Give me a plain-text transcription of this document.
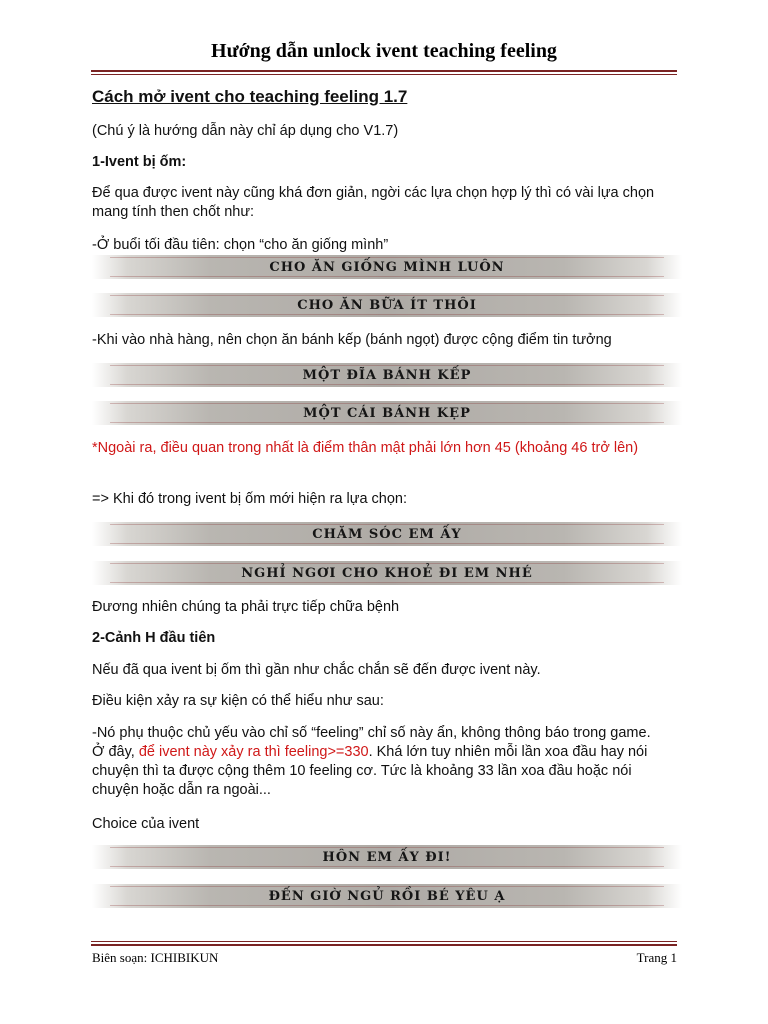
Hướng dẫn unlock ivent teaching feeling

Cách mở ivent cho teaching feeling 1.7

(Chú ý là hướng dẫn này chỉ áp dụng cho V1.7)

1-Ivent bị ốm:

Để qua được ivent này cũng khá đơn giản, ngời các lựa chọn hợp lý thì có vài lựa chọn mang tính then chốt như:

-Ở buổi tối đầu tiên: chọn “cho ăn giống mình”

CHO ĂN GIỐNG MÌNH LUÔN
CHO ĂN BỮA ÍT THÔI

-Khi vào nhà hàng, nên chọn ăn bánh kếp (bánh ngọt) được cộng điểm tin tưởng

MỘT ĐĨA BÁNH KẾP
MỘT CÁI BÁNH KẸP

*Ngoài ra, điều quan trong nhất là điểm thân mật phải lớn hơn 45 (khoảng 46 trở lên)

=> Khi đó trong ivent bị ốm mới hiện ra lựa chọn:

CHĂM SÓC EM ẤY
NGHỈ NGƠI CHO KHOẺ ĐI EM NHÉ

Đương nhiên chúng ta phải trực tiếp chữa bệnh

2-Cảnh H đầu tiên

Nếu đã qua ivent bị ốm thì gần như chắc chắn sẽ đến được ivent này.

Điều kiện xảy ra sự kiện có thể hiểu như sau:

-Nó phụ thuộc chủ yếu vào chỉ số “feeling” chỉ số này ẩn, không thông báo trong game. Ở đây, để ivent này xảy ra thì feeling>=330. Khá lớn tuy nhiên mỗi lần xoa đầu hay nói chuyện thì ta được cộng thêm 10 feeling cơ. Tức là khoảng 33 lần xoa đầu hoặc nói chuyện hoặc dẫn ra ngoài...

Choice của ivent

HÔN EM ẤY ĐI!
ĐẾN GIỜ NGỦ RỒI BÉ YÊU Ạ
Biên soạn: ICHIBIKUN	Trang 1
